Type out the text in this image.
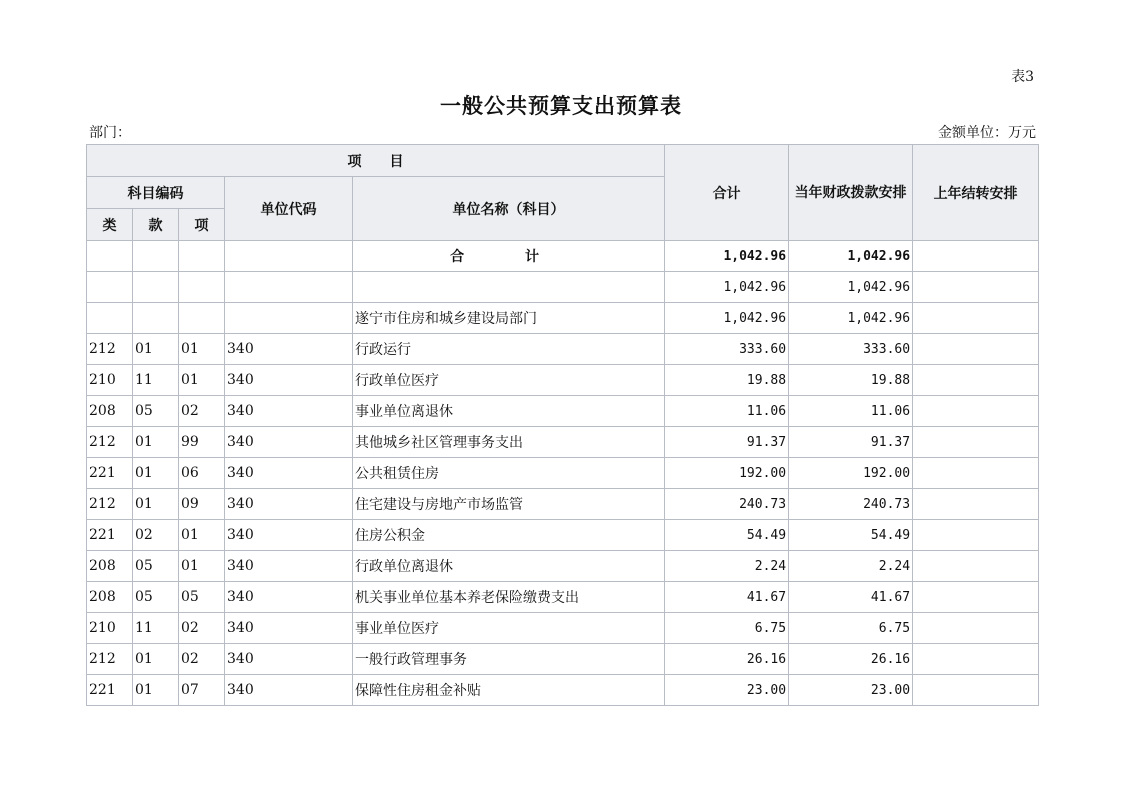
表3
一般公共预算支出预算表
部门：	金额单位：万元
项　　目					合计	当年财政拨款安排	上年结转安排
科目编码			单位代码	单位名称（科目）			
类	款	项					
				合 计	1,042.96	1,042.96	
					1,042.96	1,042.96	
				遂宁市住房和城乡建设局部门	1,042.96	1,042.96	
212	01	01	340	行政运行	333.60	333.60	
210	11	01	340	行政单位医疗	19.88	19.88	
208	05	02	340	事业单位离退休	11.06	11.06	
212	01	99	340	其他城乡社区管理事务支出	91.37	91.37	
221	01	06	340	公共租赁住房	192.00	192.00	
212	01	09	340	住宅建设与房地产市场监管	240.73	240.73	
221	02	01	340	住房公积金	54.49	54.49	
208	05	01	340	行政单位离退休	2.24	2.24	
208	05	05	340	机关事业单位基本养老保险缴费支出	41.67	41.67	
210	11	02	340	事业单位医疗	6.75	6.75	
212	01	02	340	一般行政管理事务	26.16	26.16	
221	01	07	340	保障性住房租金补贴	23.00	23.00	
